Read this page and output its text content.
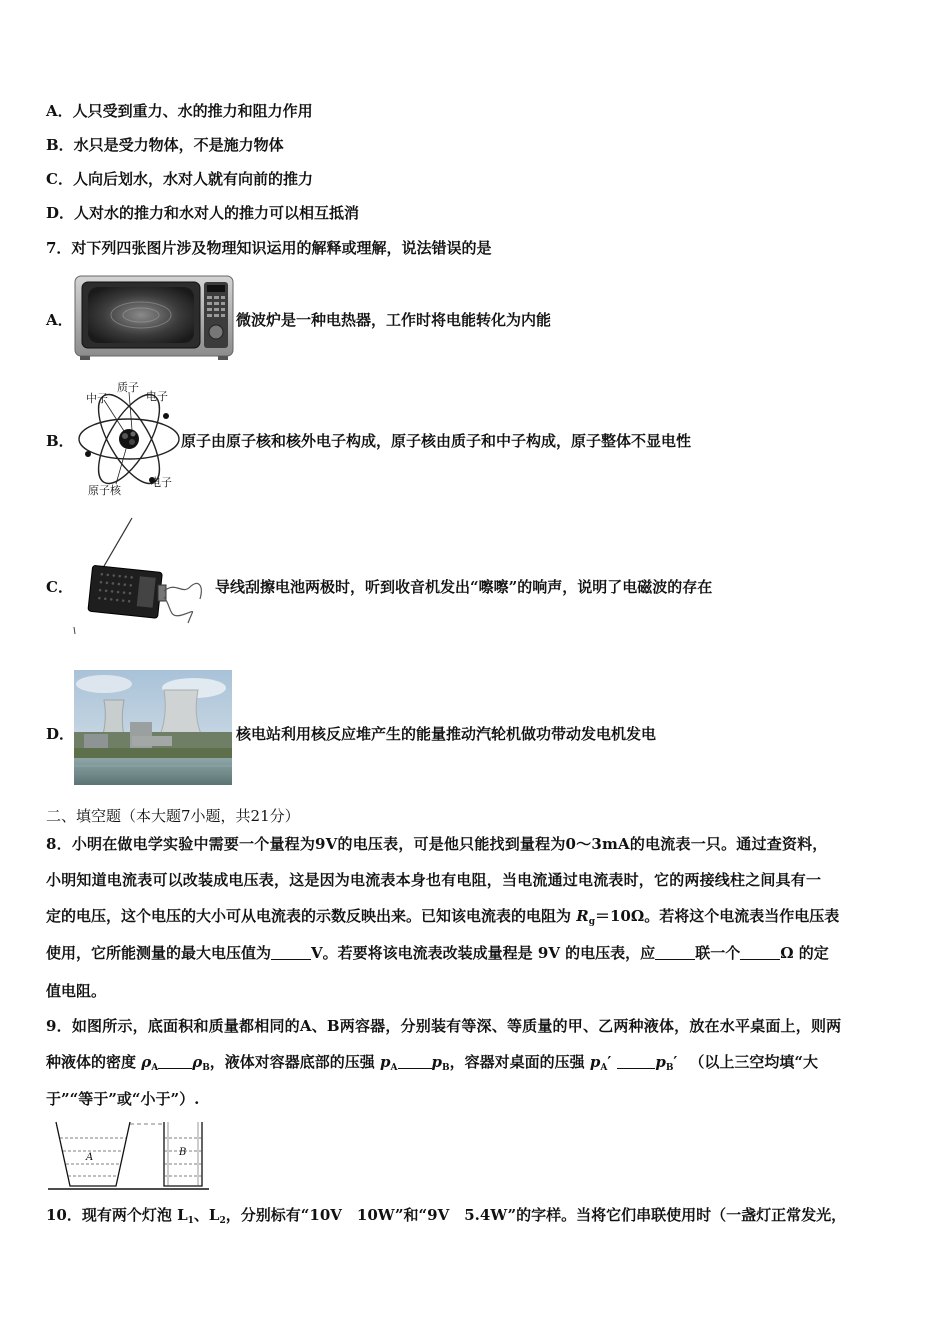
A．人只受到重力、水的推力和阻力作用
B．水只是受力物体，不是施力物体
C．人向后划水，水对人就有向前的推力
D．人对水的推力和水对人的推力可以相互抵消
7．对下列四张图片涉及物理知识运用的解释或理解，说法错误的是
A．	微波炉是一种电热器，工作时将电能转化为内能
B．
中子
质子
电子
电子
原子核
原子由原子核和核外电子构成，原子核由质子和中子构成，原子整体不显电性
C．	导线刮擦电池两极时，听到收音机发出“嚓嚓”的响声，说明了电磁波的存在
D．	核电站利用核反应堆产生的能量推动汽轮机做功带动发电机发电
二、填空题（本大题7小题，共21分）
8．小明在做电学实验中需要一个量程为9V的电压表，可是他只能找到量程为0～3mA的电流表一只。通过查资料，
小明知道电流表可以改装成电压表，这是因为电流表本身也有电阻，当电流通过电流表时，它的两接线柱之间具有一
定的电压，这个电压的大小可从电流表的示数反映出来。已知该电流表的电阻为 $R_g=10\Omega$。若将这个电流表当作电压表
使用，它所能测量的最大电压值为	V。若要将该电流表改装成量程是 9V 的电压表，应	联一个	Ω 的定
值电阻。
9．如图所示，底面积和质量都相同的A、B两容器，分别装有等深、等质量的甲、乙两种液体，放在水平桌面上，则两
种液体的密度 $\rho_A$ $\rho_B$，液体对容器底部的压强 $p_A$ $p_B$，容器对桌面的压强 $p_A'$	$p_B'$ （以上三空均填“大
于”“等于”或“小于”）.
A	B
10．现有两个灯泡 $L_1$、$L_2$，分别标有“10V　10W”和“9V　5.4W”的字样。当将它们串联使用时（一盏灯正常发光，
